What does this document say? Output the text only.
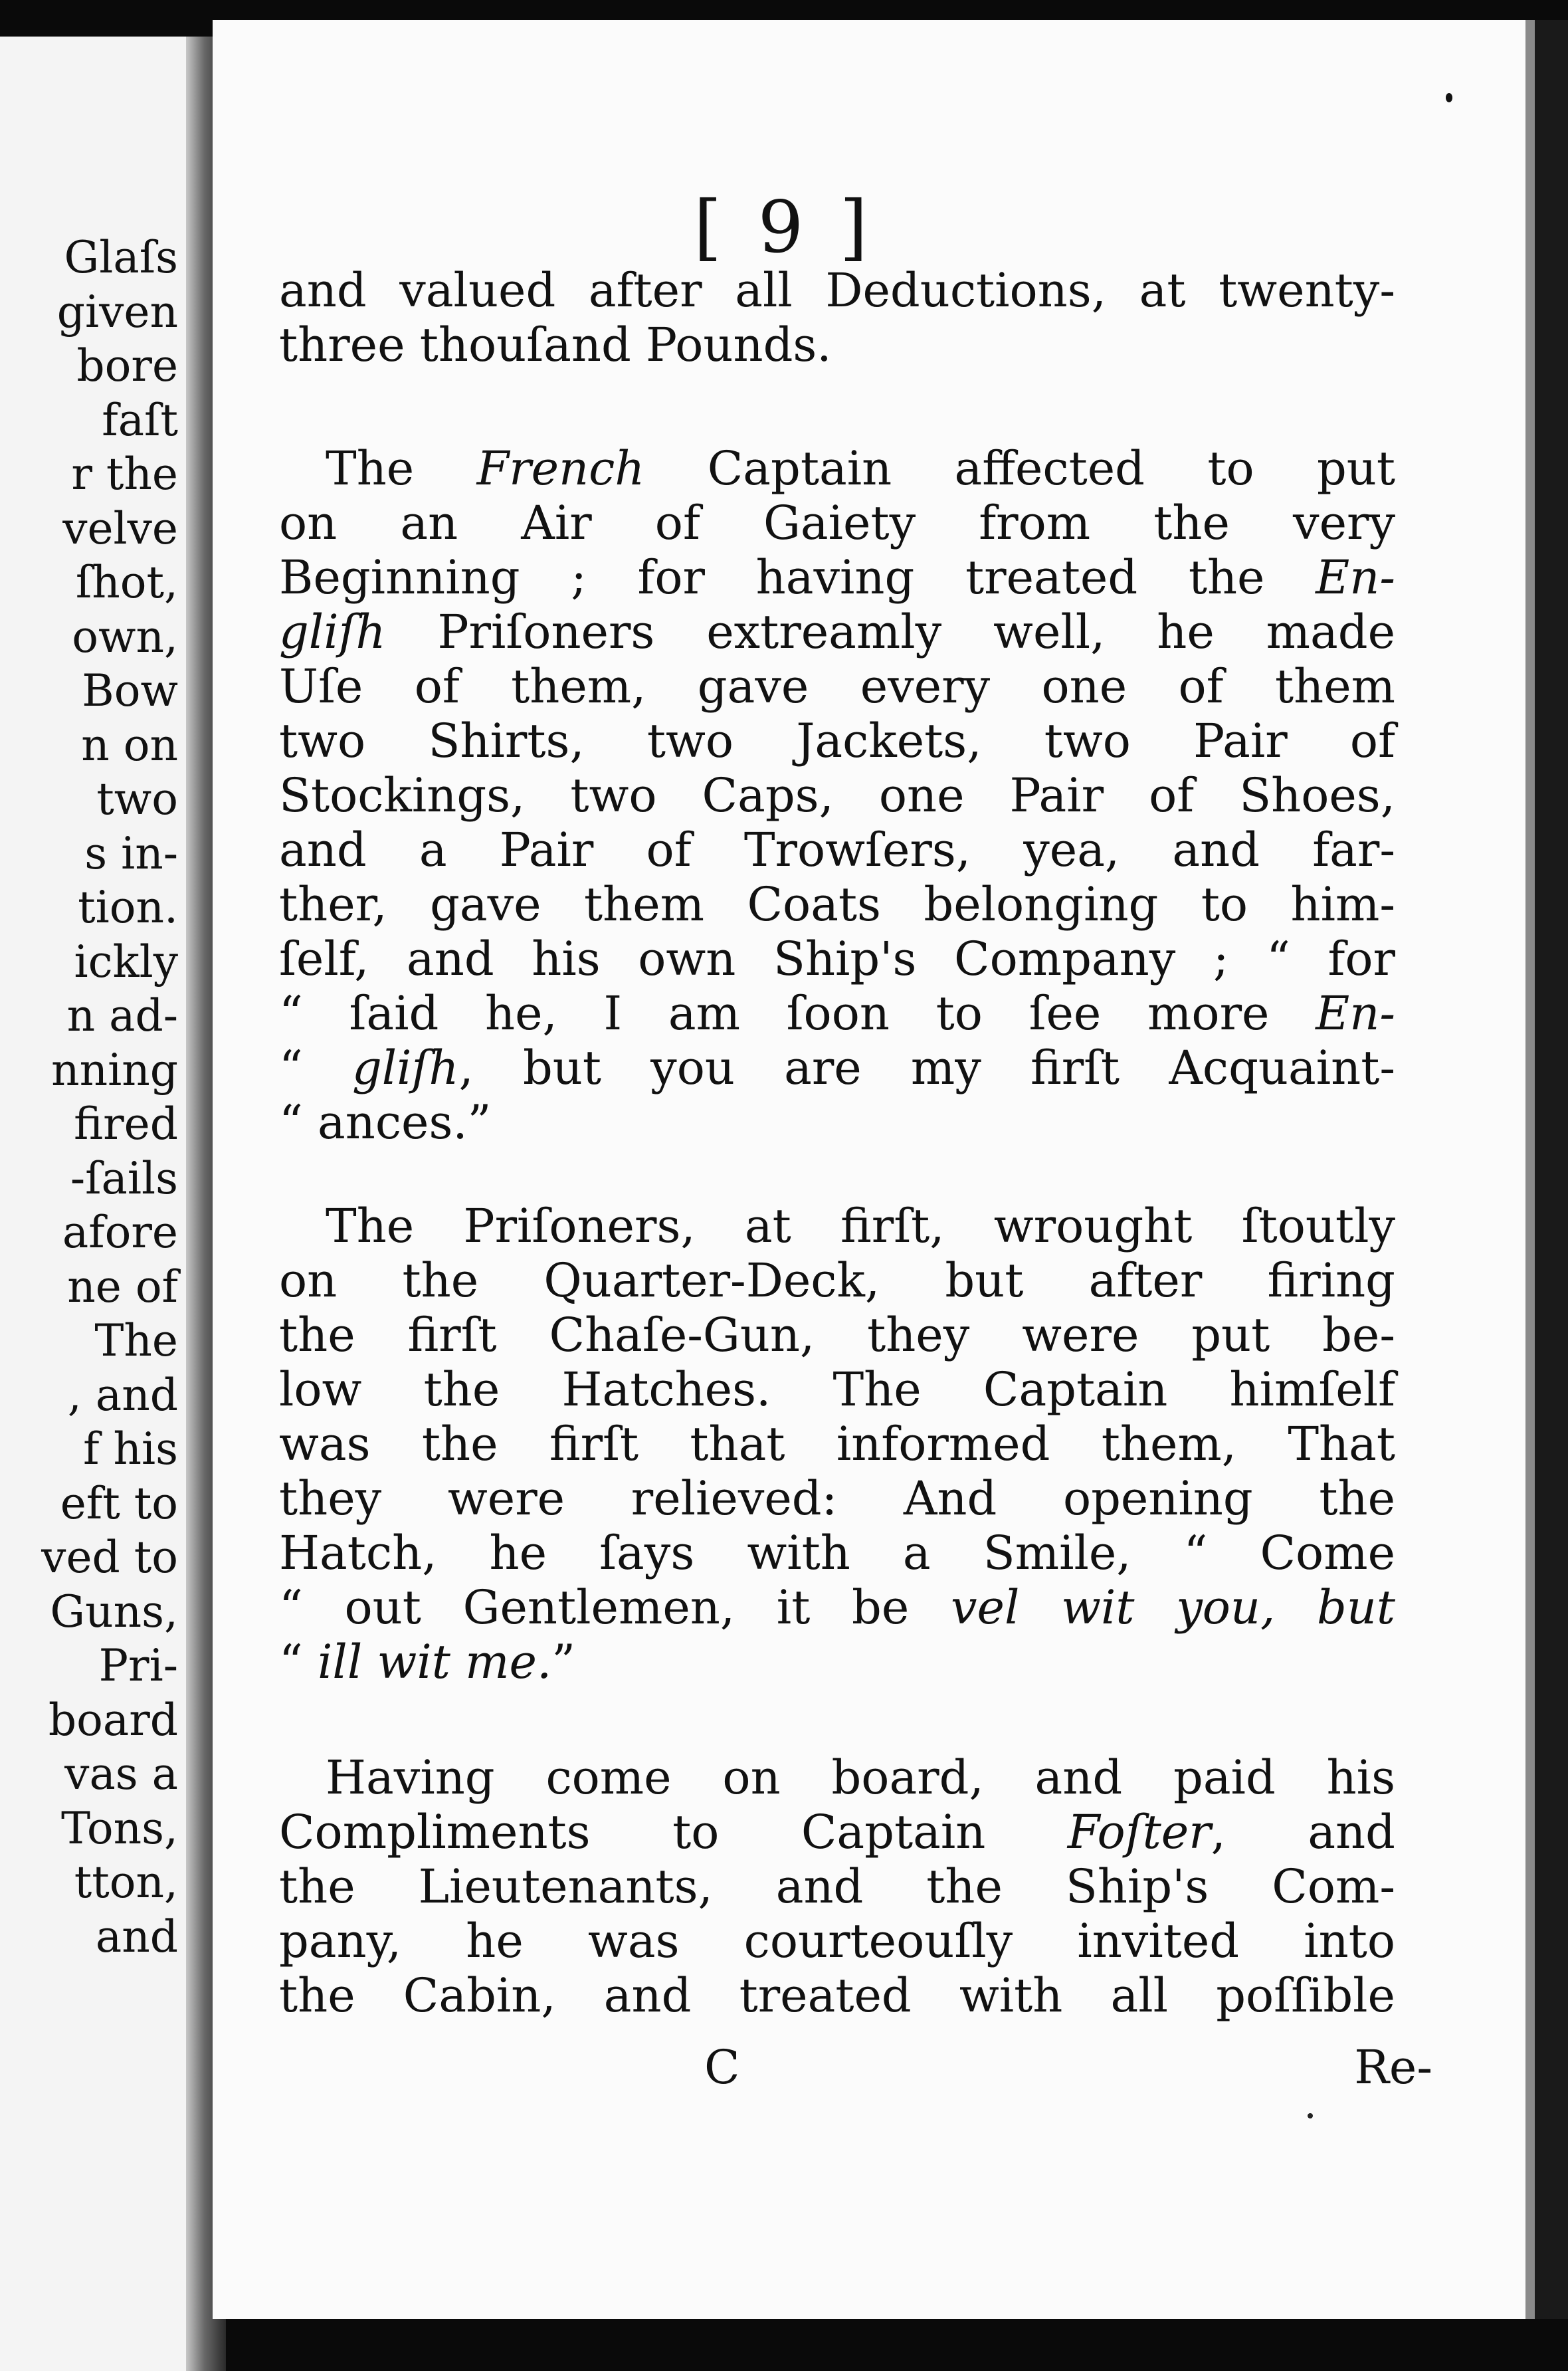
Glaſs
given
bore
faſt
r the
velve
ſhot,
own,
Bow
n on
two
s in-
tion.
ickly
n ad-
nning
fired
-ſails
afore
ne of
The
, and
f his
eft to
ved to
Guns,
Pri-
board
vas a
Tons,
tton,
and
[ 9 ]
and valued after all Deductions, at twenty-
three thouſand Pounds.
The French Captain affected to put
on an Air of Gaiety from the very
Beginning ; for having treated the En-
gliſh Priſoners extreamly well, he made
Uſe of them, gave every one of them
two Shirts, two Jackets, two Pair of
Stockings, two Caps, one Pair of Shoes,
and a Pair of Trowſers, yea, and far-
ther, gave them Coats belonging to him-
ſelf, and his own Ship's Company ; “ for
“ ſaid he, I am ſoon to ſee more En-
“ gliſh, but you are my firſt Acquaint-
“ ances.”
The Priſoners, at firſt, wrought ſtoutly
on the Quarter-Deck, but after firing
the firſt Chaſe-Gun, they were put be-
low the Hatches. The Captain himſelf
was the firſt that informed them, That
they were relieved: And opening the
Hatch, he ſays with a Smile, “ Come
“ out Gentlemen, it be vel wit you, but
“ ill wit me.”
Having come on board, and paid his
Compliments to Captain Foſter, and
the Lieutenants, and the Ship's Com-
pany, he was courteouſly invited into
the Cabin, and treated with all poſſible
C	Re-
